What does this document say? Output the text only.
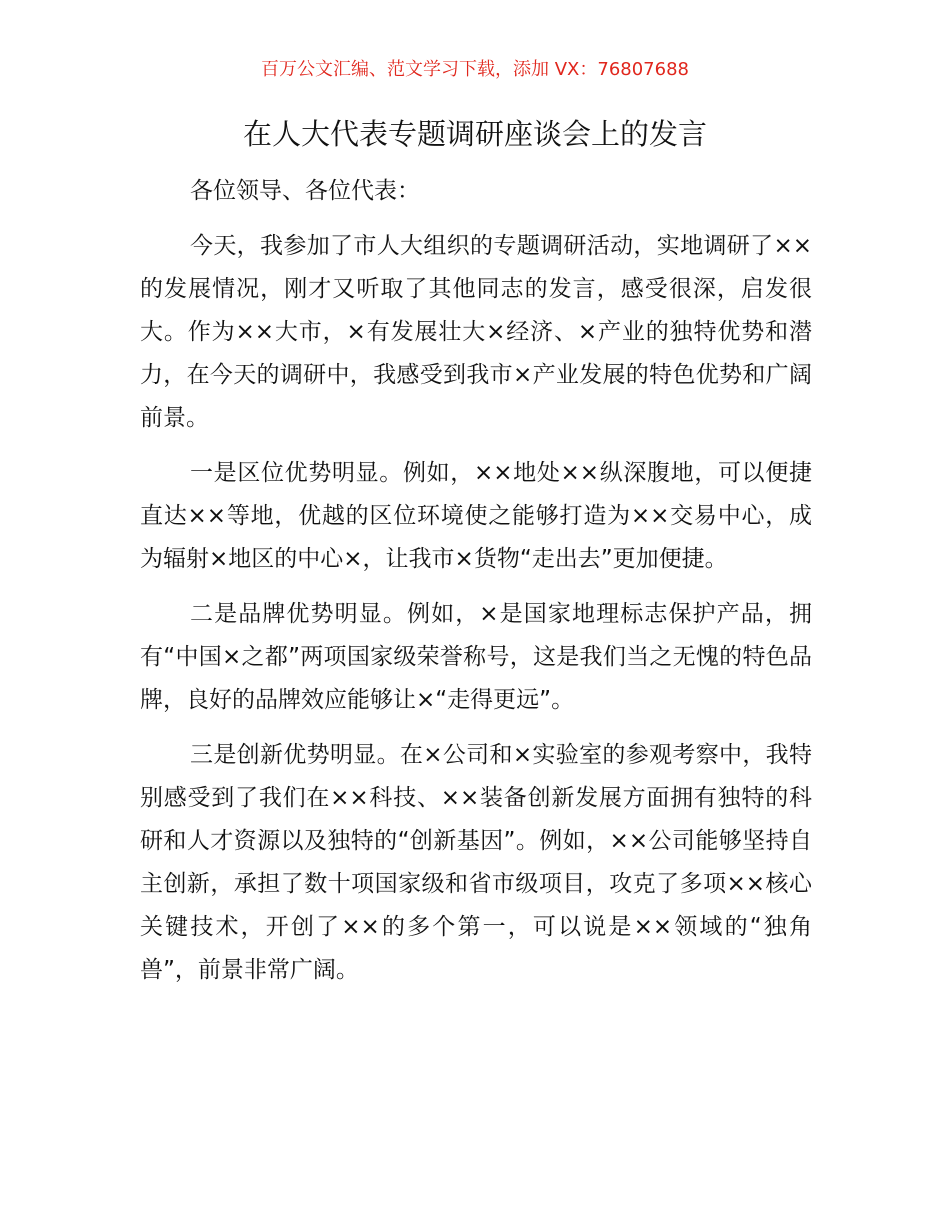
百万公文汇编、范文学习下载，添加 VX：76807688
在人大代表专题调研座谈会上的发言

各位领导、各位代表：

今天，我参加了市人大组织的专题调研活动，实地调研了××的发展情况，刚才又听取了其他同志的发言，感受很深，启发很大。作为××大市，×有发展壮大×经济、×产业的独特优势和潜力，在今天的调研中，我感受到我市×产业发展的特色优势和广阔前景。

一是区位优势明显。例如，××地处××纵深腹地，可以便捷直达××等地，优越的区位环境使之能够打造为××交易中心，成为辐射×地区的中心×，让我市×货物“走出去”更加便捷。

二是品牌优势明显。例如，×是国家地理标志保护产品，拥有“中国×之都”两项国家级荣誉称号，这是我们当之无愧的特色品牌，良好的品牌效应能够让×“走得更远”。

三是创新优势明显。在×公司和×实验室的参观考察中，我特别感受到了我们在××科技、××装备创新发展方面拥有独特的科研和人才资源以及独特的“创新基因”。例如，××公司能够坚持自主创新，承担了数十项国家级和省市级项目，攻克了多项××核心关键技术，开创了××的多个第一，可以说是××领域的“独角兽”，前景非常广阔。
